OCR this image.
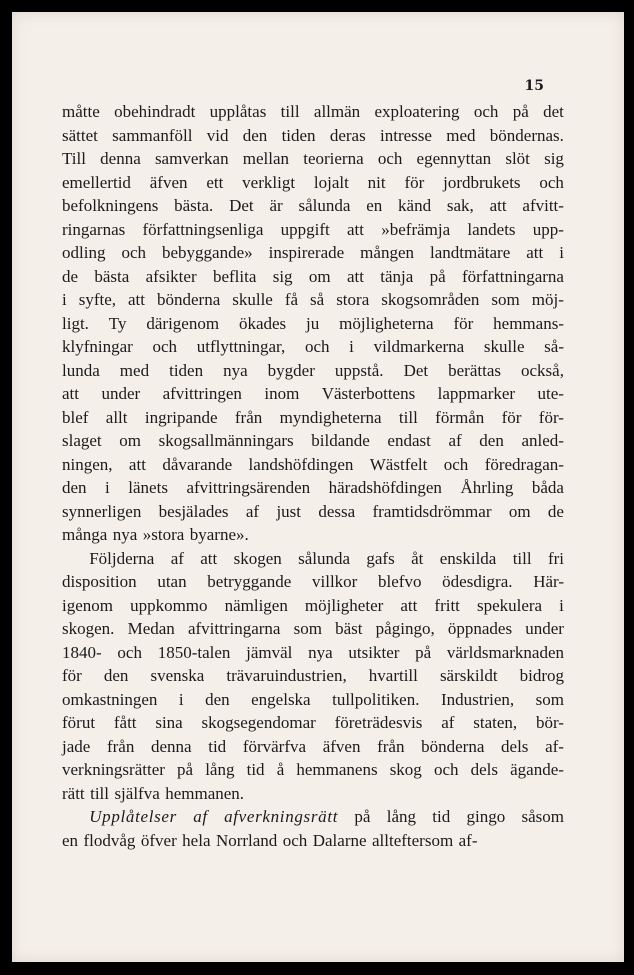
15
måtte obehindradt upplåtas till allmän exploatering och på det
sättet sammanföll vid den tiden deras intresse med böndernas.
Till denna samverkan mellan teorierna och egennyttan slöt sig
emellertid äfven ett verkligt lojalt nit för jordbrukets och
befolkningens bästa. Det är sålunda en känd sak, att afvitt-
ringarnas författningsenliga uppgift att »befrämja landets upp-
odling och bebyggande» inspirerade mången landtmätare att i
de bästa afsikter beflita sig om att tänja på författningarna
i syfte, att bönderna skulle få så stora skogsområden som möj-
ligt. Ty därigenom ökades ju möjligheterna för hemmans-
klyfningar och utflyttningar, och i vildmarkerna skulle så-
lunda med tiden nya bygder uppstå. Det berättas också,
att under afvittringen inom Västerbottens lappmarker ute-
blef allt ingripande från myndigheterna till förmån för för-
slaget om skogsallmänningars bildande endast af den anled-
ningen, att dåvarande landshöfdingen Wästfelt och föredragan-
den i länets afvittringsärenden häradshöfdingen Åhrling båda
synnerligen besjälades af just dessa framtidsdrömmar om de
många nya »stora byarne».
Följderna af att skogen sålunda gafs åt enskilda till fri
disposition utan betryggande villkor blefvo ödesdigra. Här-
igenom uppkommo nämligen möjligheter att fritt spekulera i
skogen. Medan afvittringarna som bäst pågingo, öppnades under
1840- och 1850-talen jämväl nya utsikter på världsmarknaden
för den svenska trävaruindustrien, hvartill särskildt bidrog
omkastningen i den engelska tullpolitiken. Industrien, som
förut fått sina skogsegendomar företrädesvis af staten, bör-
jade från denna tid förvärfva äfven från bönderna dels af-
verkningsrätter på lång tid å hemmanens skog och dels ägande-
rätt till själfva hemmanen.
Upplåtelser af afverkningsrätt på lång tid gingo såsom
en flodvåg öfver hela Norrland och Dalarne allteftersom af-
